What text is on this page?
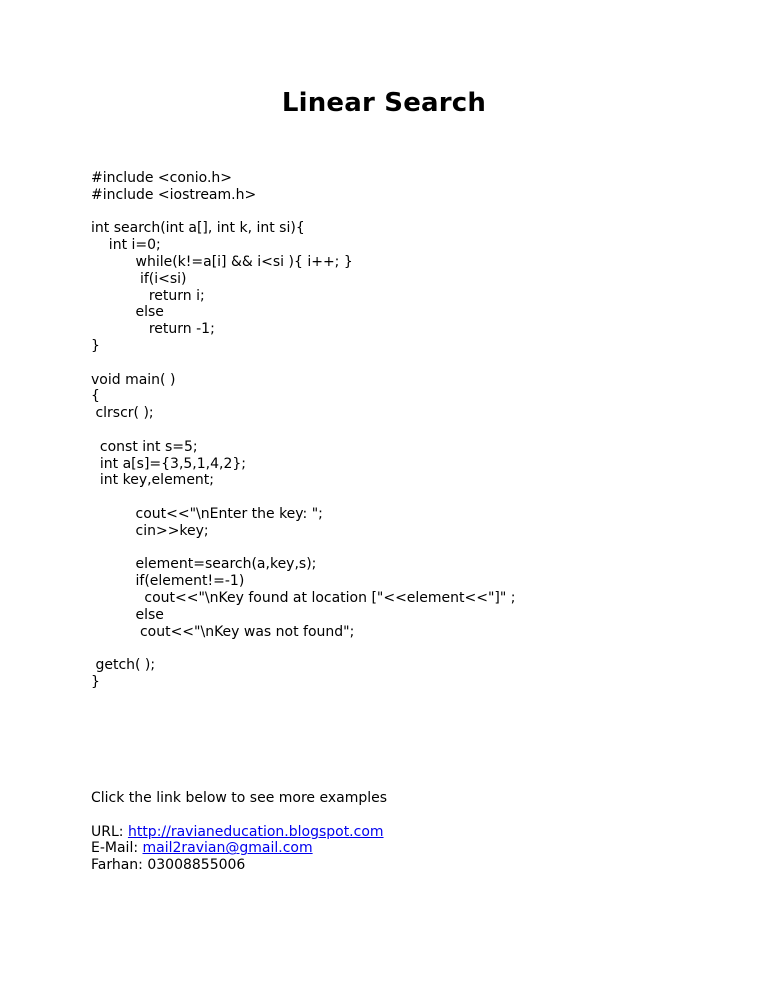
Linear Search
#include <conio.h>
#include <iostream.h>
int search(int a[], int k, int si){
int i=0;
while(k!=a[i] && i<si ){ i++; }
if(i<si)
return i;
else
return -1;
}
void main( )
{
clrscr( );
const int s=5;
int a[s]={3,5,1,4,2};
int key,element;
cout<<"\nEnter the key: ";
cin>>key;
element=search(a,key,s);
if(element!=-1)
cout<<"\nKey found at location ["<<element<<"]" ;
else
cout<<"\nKey was not found";
getch( );
}
Click the link below to see more examples
URL: http://ravianeducation.blogspot.com
E-Mail: mail2ravian@gmail.com
Farhan: 03008855006
